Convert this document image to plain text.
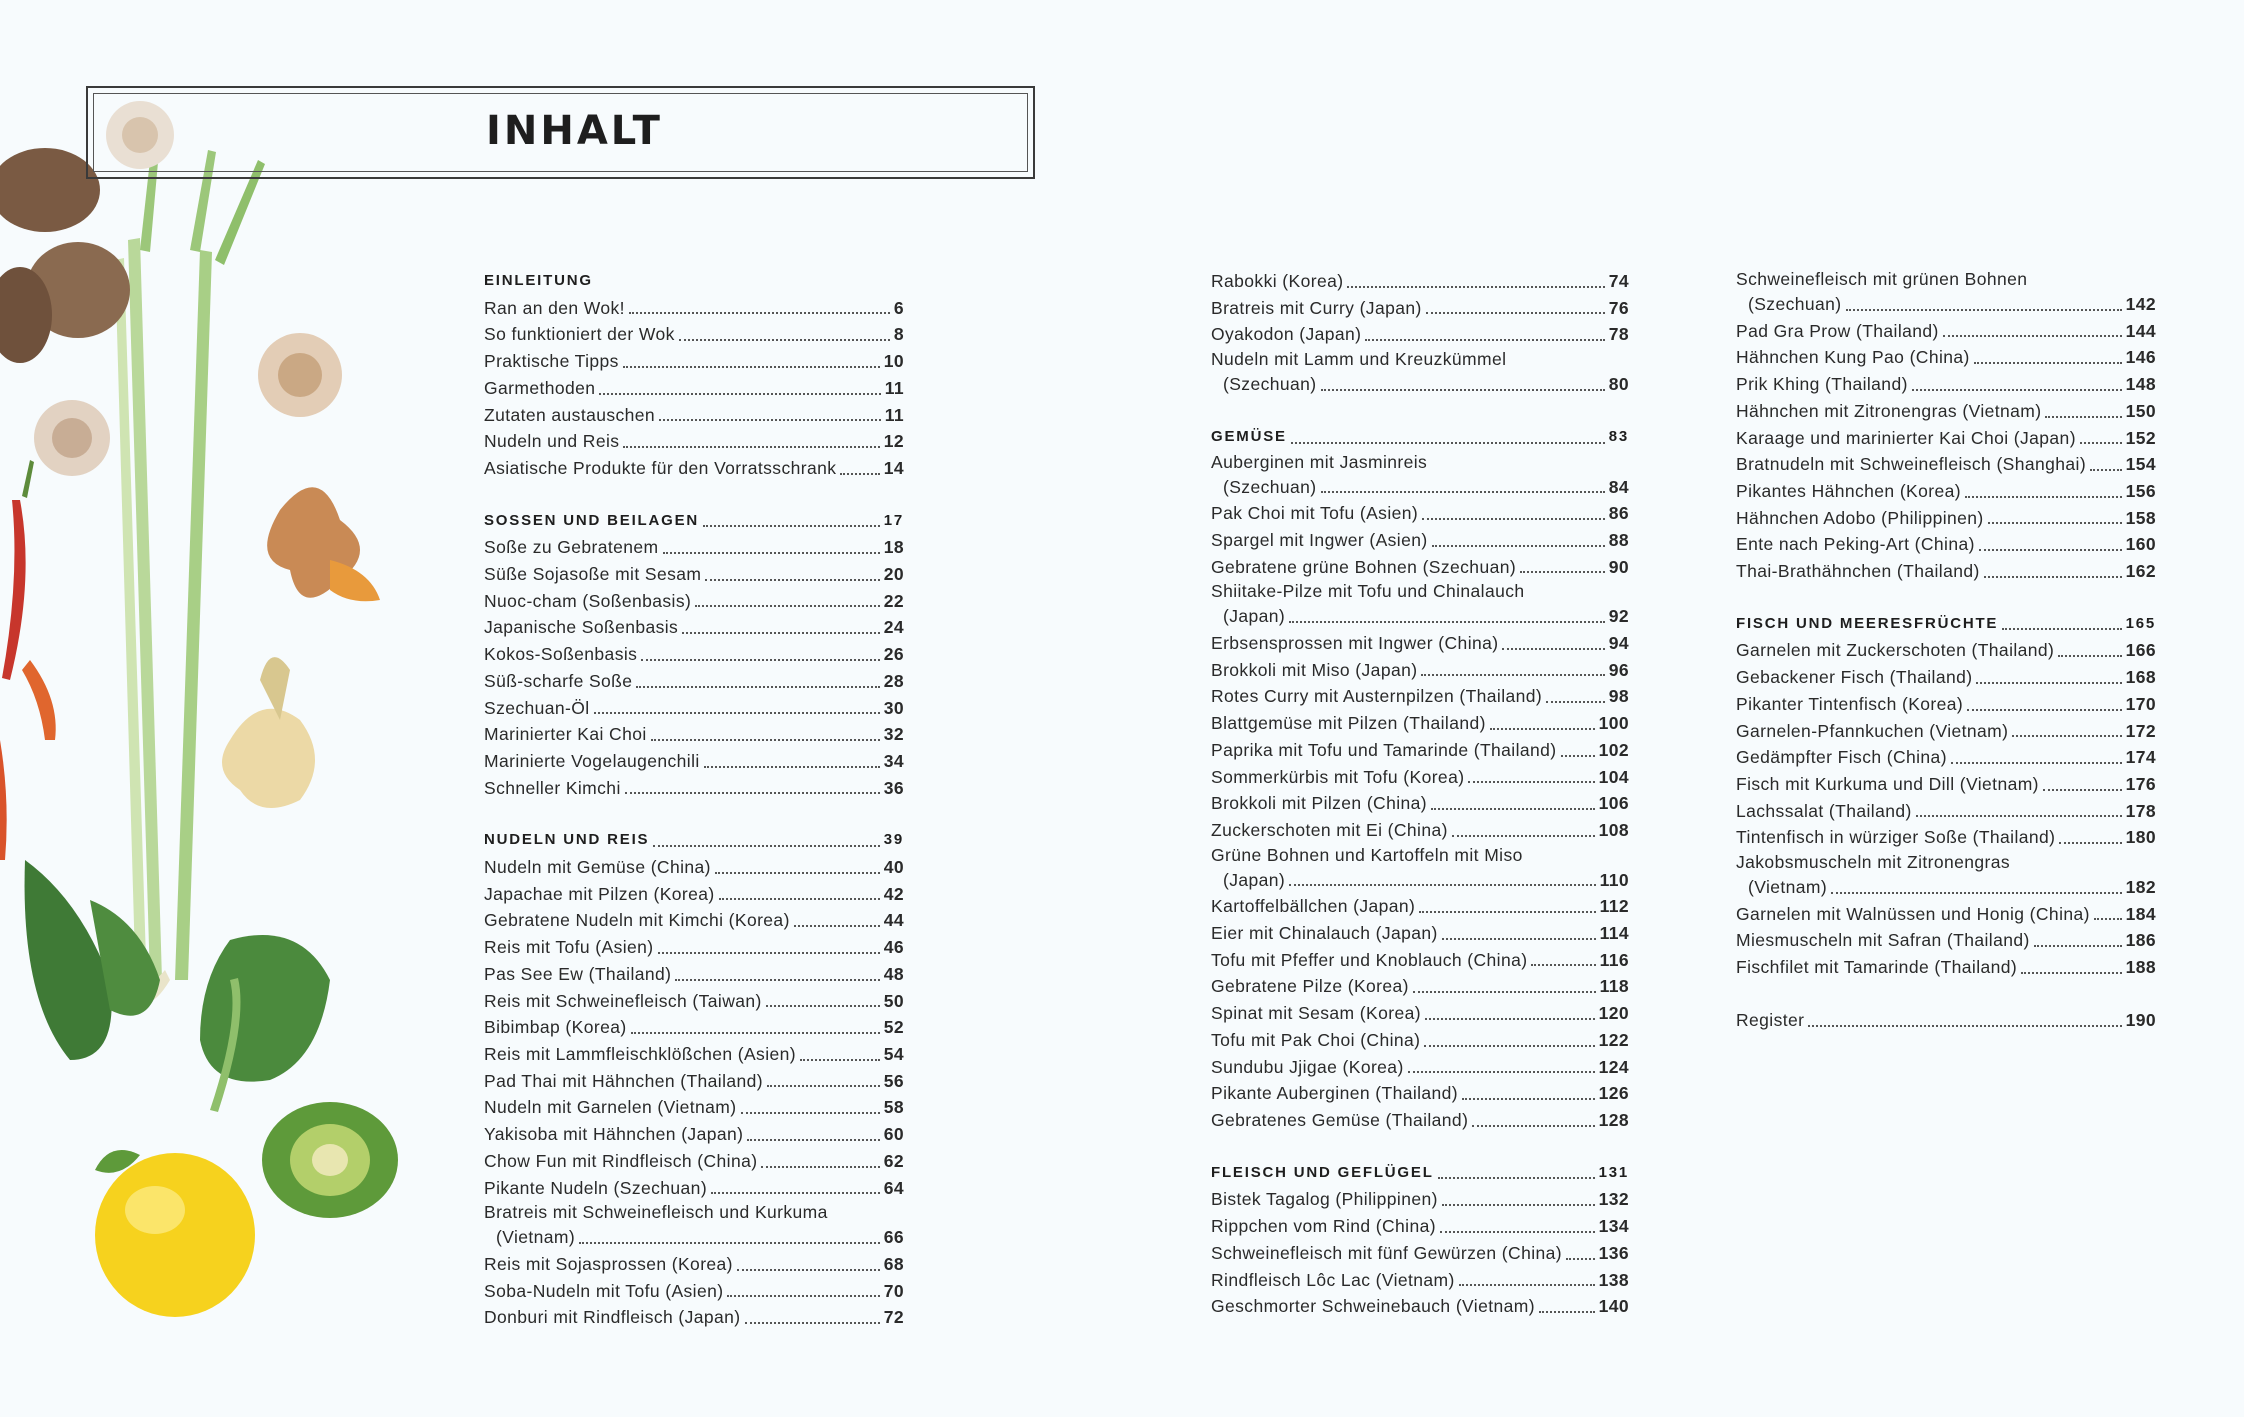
INHALT
EINLEITUNG
Ran an den Wok!	6
So funktioniert der Wok	8
Praktische Tipps	10
Garmethoden	11
Zutaten austauschen	11
Nudeln und Reis	12
Asiatische Produkte für den Vorratsschrank	14
SOSSEN UND BEILAGEN	17
Soße zu Gebratenem	18
Süße Sojasoße mit Sesam	20
Nuoc-cham (Soßenbasis)	22
Japanische Soßenbasis	24
Kokos-Soßenbasis	26
Süß-scharfe Soße	28
Szechuan-Öl	30
Marinierter Kai Choi	32
Marinierte Vogelaugenchili	34
Schneller Kimchi	36
NUDELN UND REIS	39
Nudeln mit Gemüse (China)	40
Japachae mit Pilzen (Korea)	42
Gebratene Nudeln mit Kimchi (Korea)	44
Reis mit Tofu (Asien)	46
Pas See Ew (Thailand)	48
Reis mit Schweinefleisch (Taiwan)	50
Bibimbap (Korea)	52
Reis mit Lammfleischklößchen (Asien)	54
Pad Thai mit Hähnchen (Thailand)	56
Nudeln mit Garnelen (Vietnam)	58
Yakisoba mit Hähnchen (Japan)	60
Chow Fun mit Rindfleisch (China)	62
Pikante Nudeln (Szechuan)	64
Bratreis mit Schweinefleisch und Kurkuma
(Vietnam)	66
Reis mit Sojasprossen (Korea)	68
Soba-Nudeln mit Tofu (Asien)	70
Donburi mit Rindfleisch (Japan)	72
Rabokki (Korea)	74
Bratreis mit Curry (Japan)	76
Oyakodon (Japan)	78
Nudeln mit Lamm und Kreuzkümmel
(Szechuan)	80
GEMÜSE	83
Auberginen mit Jasminreis
(Szechuan)	84
Pak Choi mit Tofu (Asien)	86
Spargel mit Ingwer (Asien)	88
Gebratene grüne Bohnen (Szechuan)	90
Shiitake-Pilze mit Tofu und Chinalauch
(Japan)	92
Erbsensprossen mit Ingwer (China)	94
Brokkoli mit Miso (Japan)	96
Rotes Curry mit Austernpilzen (Thailand)	98
Blattgemüse mit Pilzen (Thailand)	100
Paprika mit Tofu und Tamarinde (Thailand) 102
Sommerkürbis mit Tofu (Korea)	104
Brokkoli mit Pilzen (China)	106
Zuckerschoten mit Ei (China)	108
Grüne Bohnen und Kartoffeln mit Miso
(Japan)	110
Kartoffelbällchen (Japan)	112
Eier mit Chinalauch (Japan)	114
Tofu mit Pfeffer und Knoblauch (China)	116
Gebratene Pilze (Korea)	118
Spinat mit Sesam (Korea)	120
Tofu mit Pak Choi (China)	122
Sundubu Jjigae (Korea)	124
Pikante Auberginen (Thailand)	126
Gebratenes Gemüse (Thailand)	128
FLEISCH UND GEFLÜGEL	131
Bistek Tagalog (Philippinen)	132
Rippchen vom Rind (China)	134
Schweinefleisch mit fünf Gewürzen (China) 136
Rindfleisch Lôc Lac (Vietnam)	138
Geschmorter Schweinebauch (Vietnam)	140
Schweinefleisch mit grünen Bohnen
(Szechuan)	142
Pad Gra Prow (Thailand)	144
Hähnchen Kung Pao (China)	146
Prik Khing (Thailand)	148
Hähnchen mit Zitronengras (Vietnam)	150
Karaage und marinierter Kai Choi (Japan)	152
Bratnudeln mit Schweinefleisch (Shanghai) 154
Pikantes Hähnchen (Korea)	156
Hähnchen Adobo (Philippinen)	158
Ente nach Peking-Art (China)	160
Thai-Brathähnchen (Thailand)	162
FISCH UND MEERESFRÜCHTE	165
Garnelen mit Zuckerschoten (Thailand)	166
Gebackener Fisch (Thailand)	168
Pikanter Tintenfisch (Korea)	170
Garnelen-Pfannkuchen (Vietnam)	172
Gedämpfter Fisch (China)	174
Fisch mit Kurkuma und Dill (Vietnam)	176
Lachssalat (Thailand)	178
Tintenfisch in würziger Soße (Thailand)	180
Jakobsmuscheln mit Zitronengras
(Vietnam)	182
Garnelen mit Walnüssen und Honig (China) 184
Miesmuscheln mit Safran (Thailand)	186
Fischfilet mit Tamarinde (Thailand)	188
Register	190
